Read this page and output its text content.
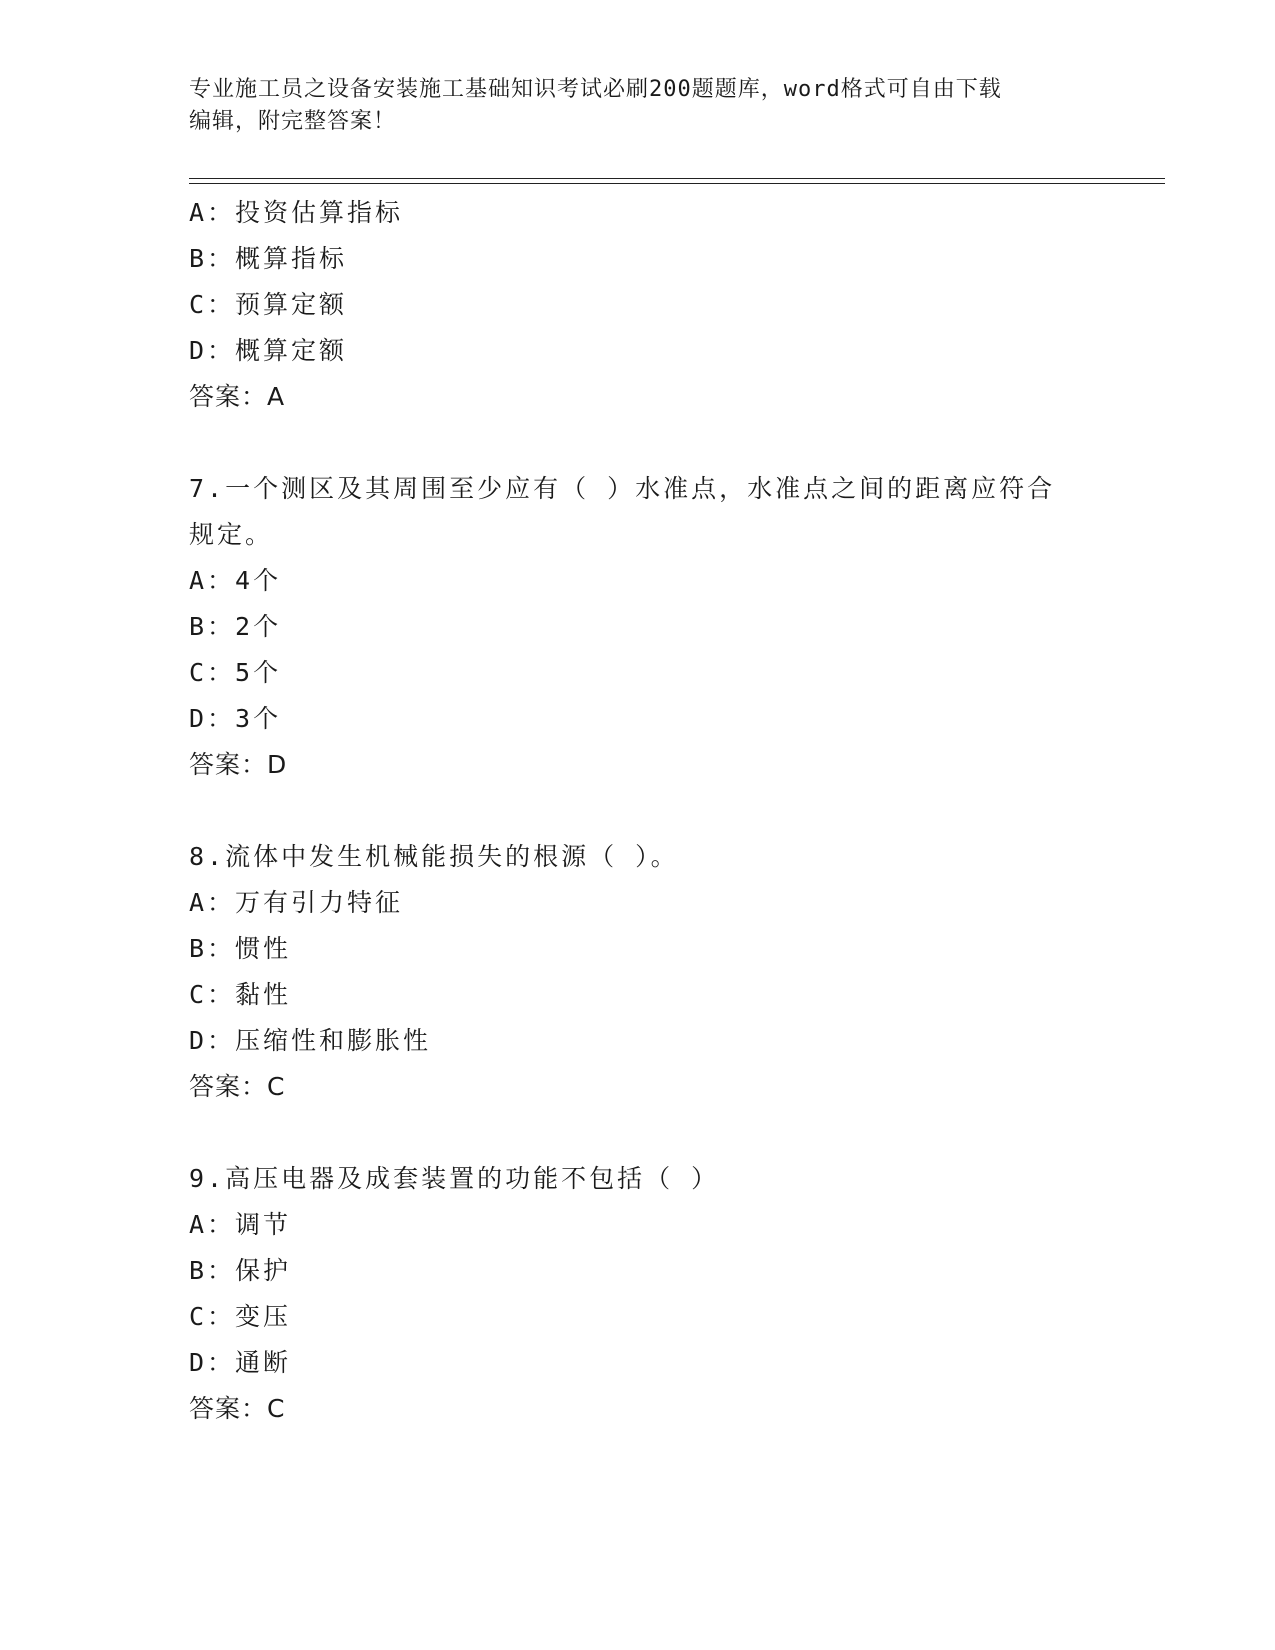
专业施工员之设备安装施工基础知识考试必刷200题题库，word格式可自由下载
编辑，附完整答案！
A：投资估算指标
B：概算指标
C：预算定额
D：概算定额
答案：A
7.一个测区及其周围至少应有（ ）水准点，水准点之间的距离应符合
规定。
A：4个
B：2个
C：5个
D：3个
答案：D
8.流体中发生机械能损失的根源（ ）。
A：万有引力特征
B：惯性
C：黏性
D：压缩性和膨胀性
答案：C
9.高压电器及成套装置的功能不包括（ ）
A：调节
B：保护
C：变压
D：通断
答案：C
